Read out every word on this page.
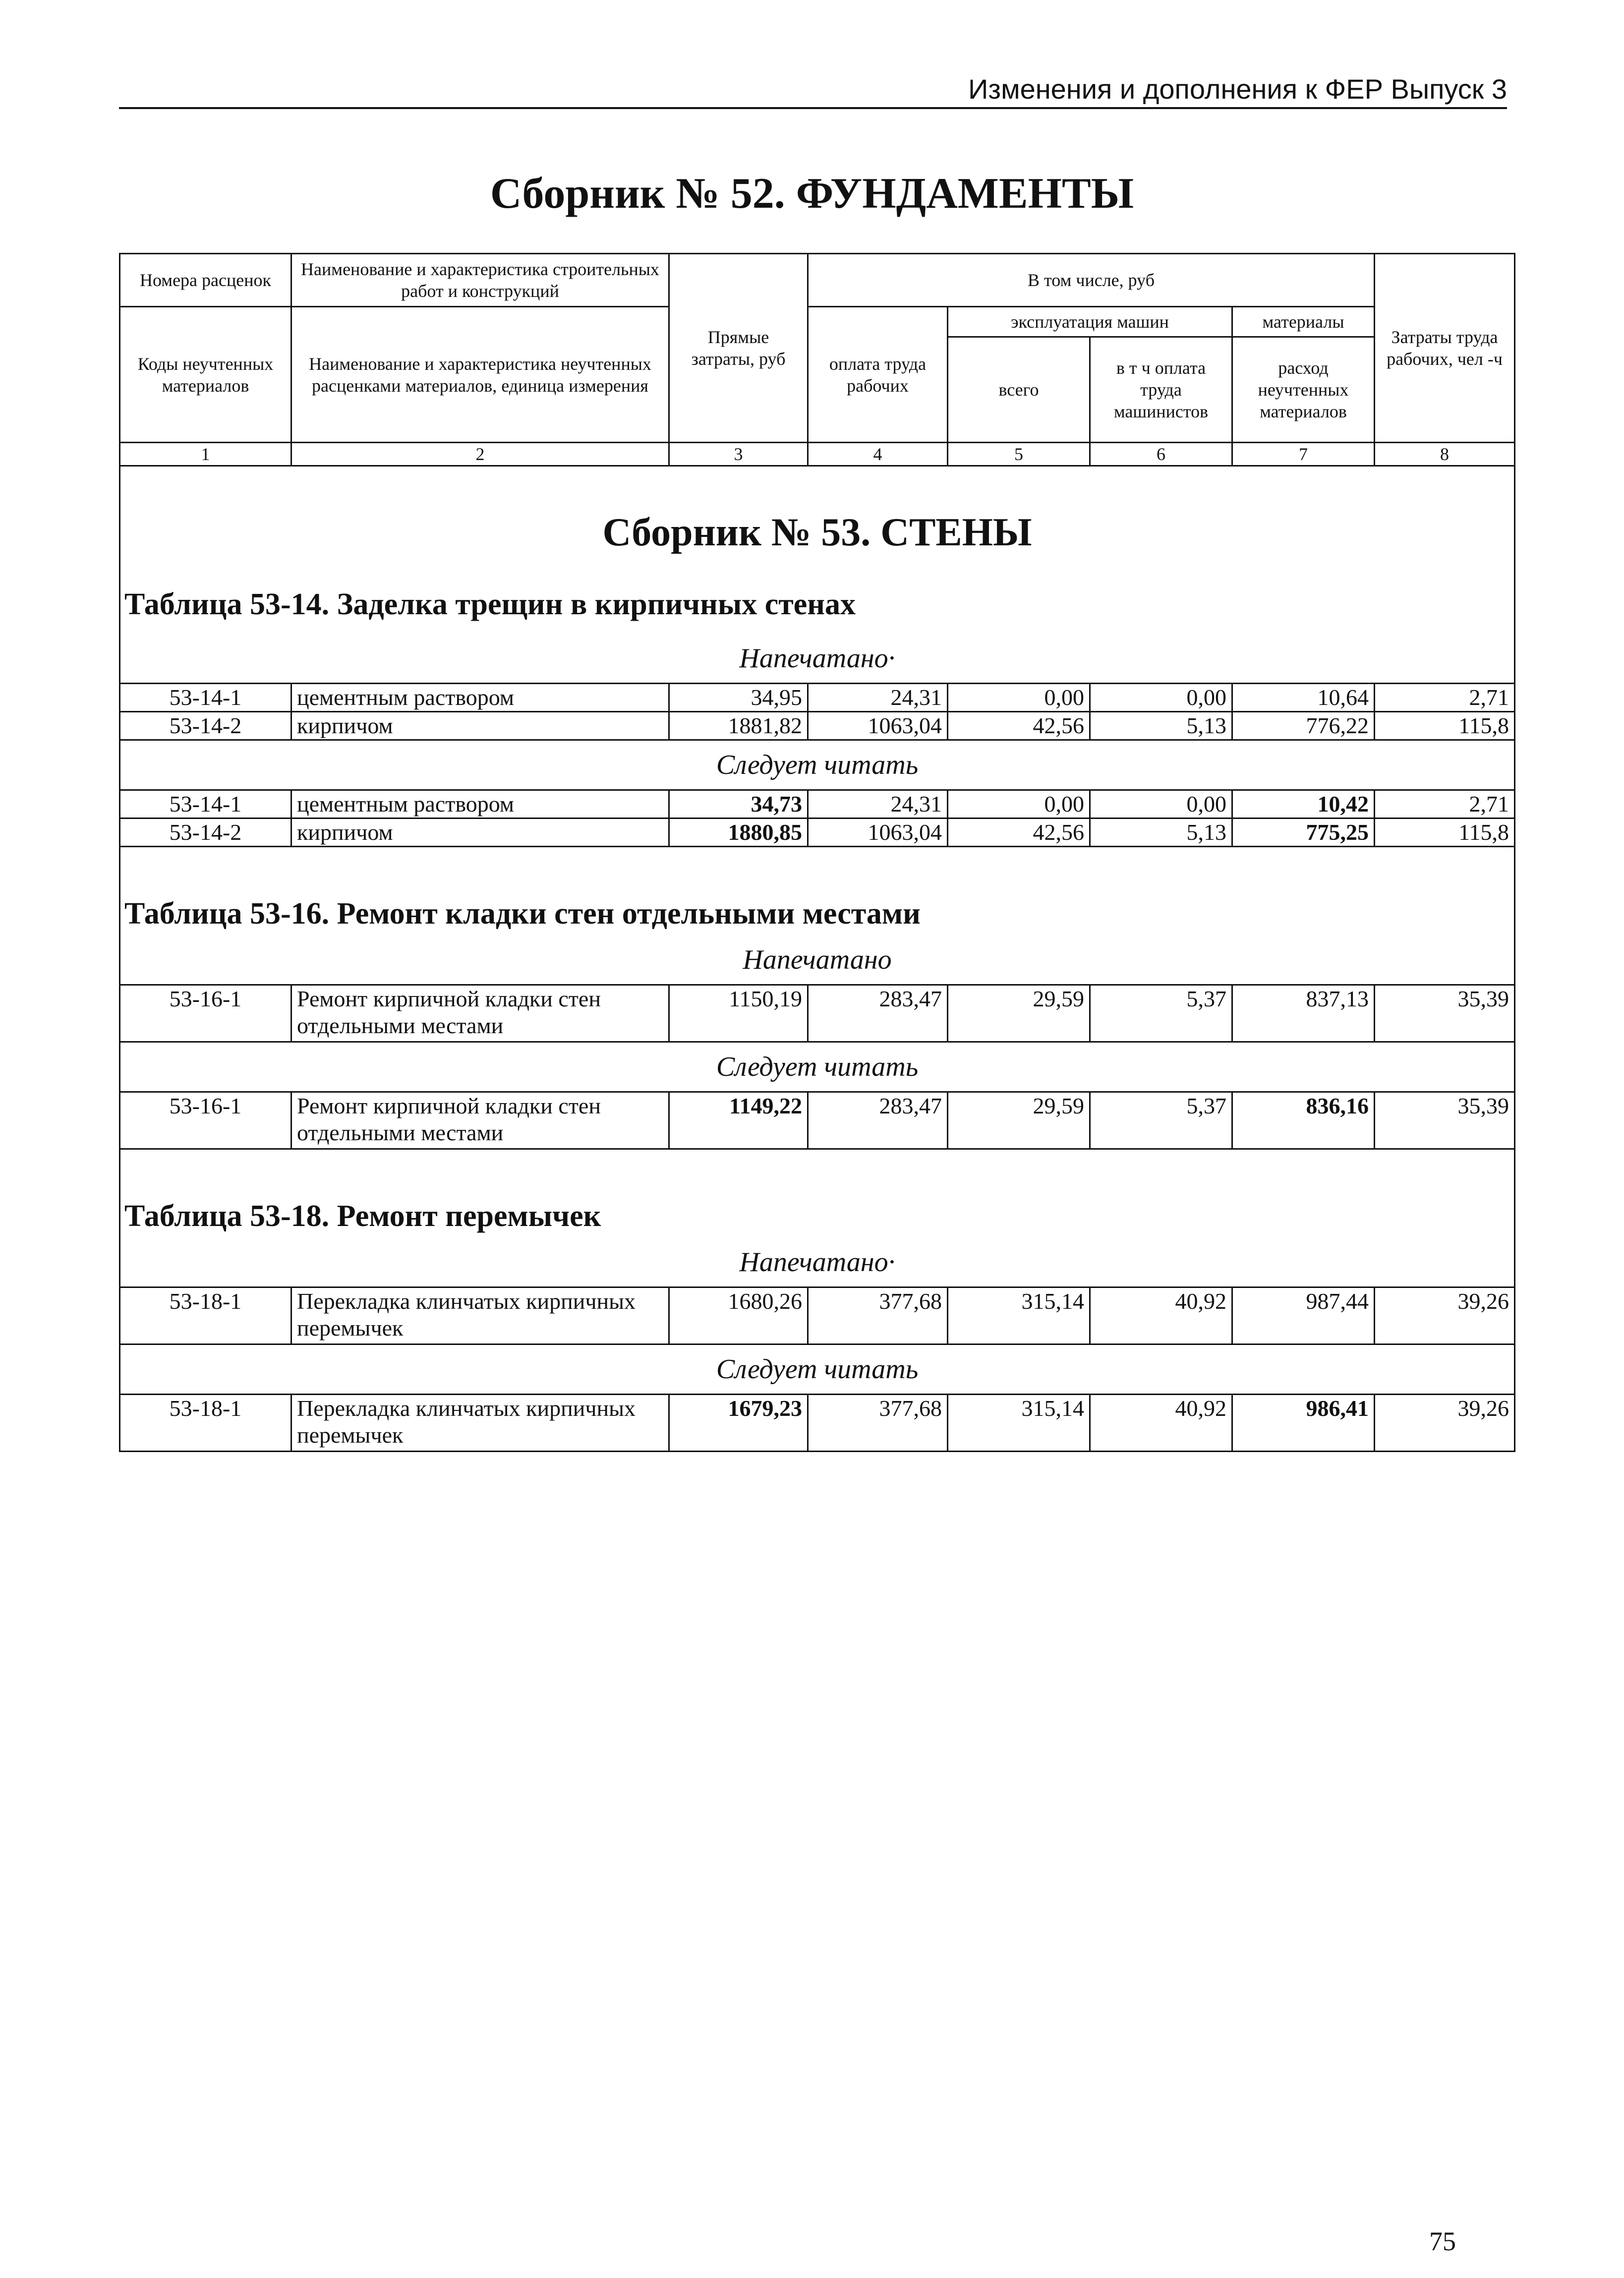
Изменения и дополнения к ФЕР Выпуск 3
Сборник № 52. ФУНДАМЕНТЫ
Номера расценок	Наименование и характеристика строительных работ и конструкций	Прямые затраты, руб	В том числе, руб				Затраты труда рабочих, чел -ч
Коды неучтенных материалов	Наименование и характеристика неучтенных расценками материалов, единица измерения		оплата труда рабочих	эксплуатация машин		материалы	
				всего	в т ч оплата труда машинистов	расход неучтенных материалов	
1	2	3	4	5	6	7	8

Сборник № 53. СТЕНЫ							
Таблица 53-14. Заделка трещин в кирпичных стенах							
Напечатано·							
53-14-1	цементным раствором	34,95	24,31	0,00	0,00	10,64	2,71
53-14-2	кирпичом	1881,82	1063,04	42,56	5,13	776,22	115,8
Следует читать							
53-14-1	цементным раствором	34,73	24,31	0,00	0,00	10,42	2,71
53-14-2	кирпичом	1880,85	1063,04	42,56	5,13	775,25	115,8
Таблица 53-16. Ремонт кладки стен отдельными местами							
Напечатано							
53-16-1	Ремонт кирпичной кладки стен отдельными местами	1150,19	283,47	29,59	5,37	837,13	35,39
Следует читать							
53-16-1	Ремонт кирпичной кладки стен отдельными местами	1149,22	283,47	29,59	5,37	836,16	35,39
Таблица 53-18. Ремонт перемычек							
Напечатано·							
53-18-1	Перекладка клинчатых кирпичных перемычек	1680,26	377,68	315,14	40,92	987,44	39,26
Следует читать							
53-18-1	Перекладка клинчатых кирпичных перемычек	1679,23	377,68	315,14	40,92	986,41	39,26
75
